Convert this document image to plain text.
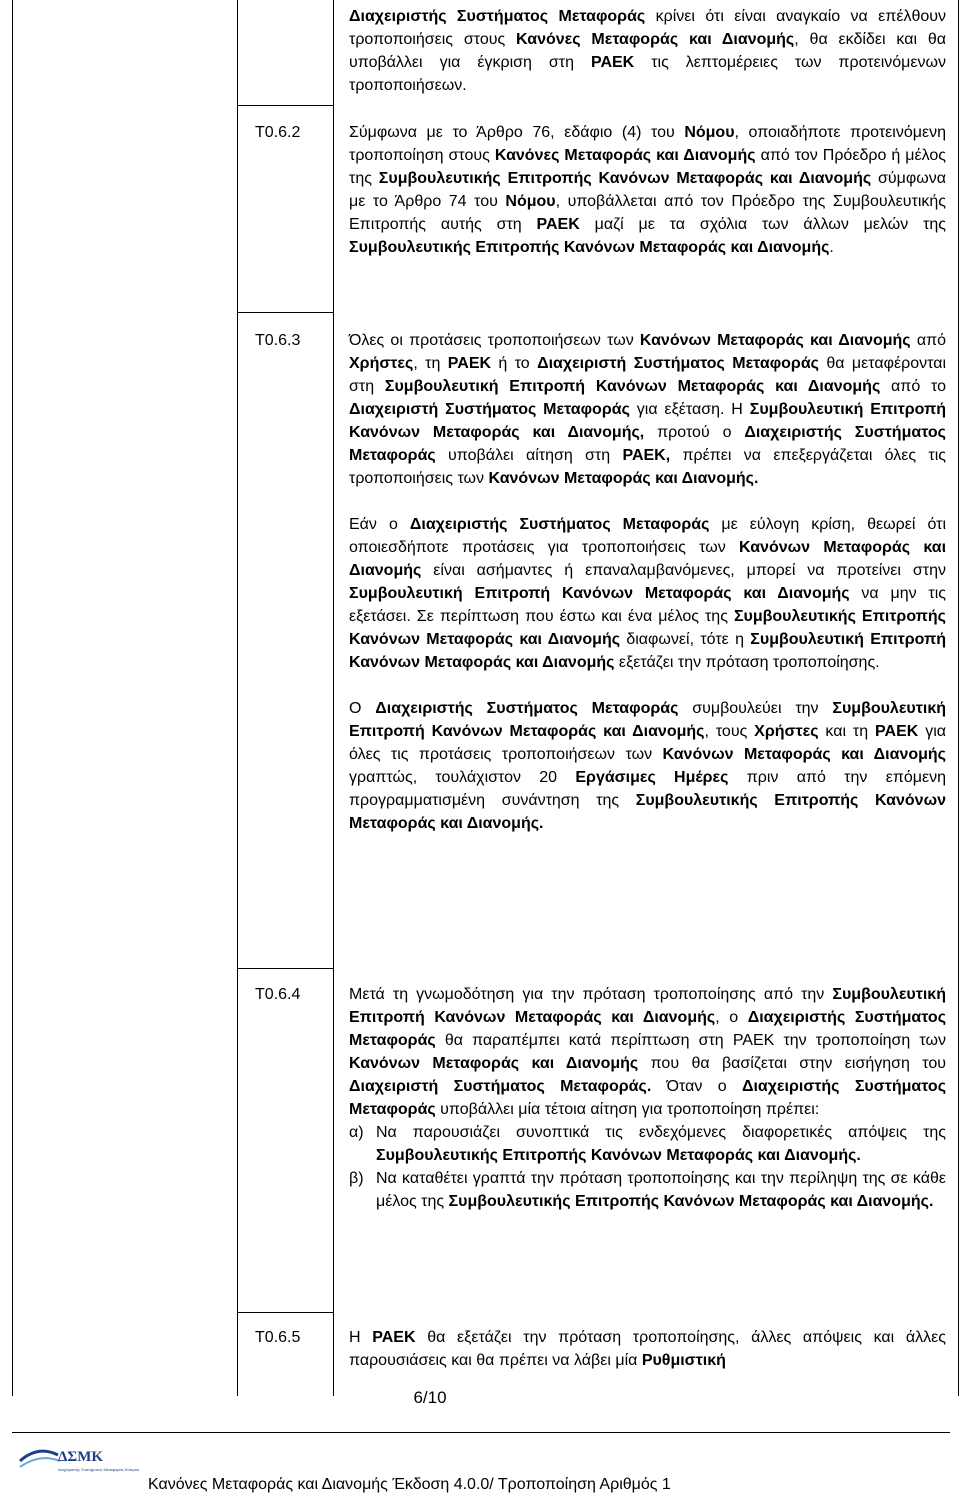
Τ0.6.2
Τ0.6.3
Τ0.6.4
Τ0.6.5

Διαχειριστής Συστήματος Μεταφοράς κρίνει ότι είναι αναγκαίο να επέλθουν τροποποιήσεις στους Κανόνες Μεταφοράς και Διανομής, θα εκδίδει και θα υποβάλλει για έγκριση στη ΡΑΕΚ τις λεπτομέρειες των προτεινόμενων τροποποιήσεων.

Σύμφωνα με το Άρθρο 76, εδάφιο (4) του Νόμου, οποιαδήποτε προτεινόμενη τροποποίηση στους Κανόνες Μεταφοράς και Διανομής από τον Πρόεδρο ή μέλος της Συμβουλευτικής Επιτροπής Κανόνων Μεταφοράς και Διανομής σύμφωνα με το Άρθρο 74 του Νόμου, υποβάλλεται από τον Πρόεδρο της Συμβουλευτικής Επιτροπής αυτής στη ΡΑΕΚ μαζί με τα σχόλια των άλλων μελών της Συμβουλευτικής Επιτροπής Κανόνων Μεταφοράς και Διανομής.

Όλες οι προτάσεις τροποποιήσεων των Κανόνων Μεταφοράς και Διανομής από Χρήστες, τη ΡΑΕΚ ή το Διαχειριστή Συστήματος Μεταφοράς θα μεταφέρονται στη Συμβουλευτική Επιτροπή Κανόνων Μεταφοράς και Διανομής από το Διαχειριστή Συστήματος Μεταφοράς για εξέταση. Η Συμβουλευτική Επιτροπή Κανόνων Μεταφοράς και Διανομής, προτού ο Διαχειριστής Συστήματος Μεταφοράς υποβάλει αίτηση στη ΡΑΕΚ, πρέπει να επεξεργάζεται όλες τις τροποποιήσεις των Κανόνων Μεταφοράς και Διανομής.

Εάν ο Διαχειριστής Συστήματος Μεταφοράς με εύλογη κρίση, θεωρεί ότι οποιεσδήποτε προτάσεις για τροποποιήσεις των Κανόνων Μεταφοράς και Διανομής είναι ασήμαντες ή επαναλαμβανόμενες, μπορεί να προτείνει στην Συμβουλευτική Επιτροπή Κανόνων Μεταφοράς και Διανομής να μην τις εξετάσει. Σε περίπτωση που έστω και ένα μέλος της Συμβουλευτικής Επιτροπής Κανόνων Μεταφοράς και Διανομής διαφωνεί, τότε η Συμβουλευτική Επιτροπή Κανόνων Μεταφοράς και Διανομής εξετάζει την πρόταση τροποποίησης.

Ο Διαχειριστής Συστήματος Μεταφοράς συμβουλεύει την Συμβουλευτική Επιτροπή Κανόνων Μεταφοράς και Διανομής, τους Χρήστες και τη ΡΑΕΚ για όλες τις προτάσεις τροποποιήσεων των Κανόνων Μεταφοράς και Διανομής γραπτώς, τουλάχιστον 20 Εργάσιμες Ημέρες πριν από την επόμενη προγραμματισμένη συνάντηση της Συμβουλευτικής Επιτροπής Κανόνων Μεταφοράς και Διανομής.

Μετά τη γνωμοδότηση για την πρόταση τροποποίησης από την Συμβουλευτική Επιτροπή Κανόνων Μεταφοράς και Διανομής, ο Διαχειριστής Συστήματος Μεταφοράς θα παραπέμπει κατά περίπτωση στη ΡΑΕΚ την τροποποίηση των Κανόνων Μεταφοράς και Διανομής που θα βασίζεται στην εισήγηση του Διαχειριστή Συστήματος Μεταφοράς. Όταν ο Διαχειριστής Συστήματος Μεταφοράς υποβάλλει μία τέτοια αίτηση για τροποποίηση πρέπει:

α) Να παρουσιάζει συνοπτικά τις ενδεχόμενες διαφορετικές απόψεις της Συμβουλευτικής Επιτροπής Κανόνων Μεταφοράς και Διανομής.
β) Να καταθέτει γραπτά την πρόταση τροποποίησης και την περίληψη της σε κάθε μέλος της Συμβουλευτικής Επιτροπής Κανόνων Μεταφοράς και Διανομής.

Η ΡΑΕΚ θα εξετάζει την πρόταση τροποποίησης, άλλες απόψεις και άλλες παρουσιάσεις και θα πρέπει να λάβει μία Ρυθμιστική

6/10
ΔΣΜΚ
Διαχειριστής Συστήματος Μεταφοράς Κύπρου
Κανόνες Μεταφοράς και Διανομής Έκδοση 4.0.0/ Τροποποίηση Αριθμός 1
